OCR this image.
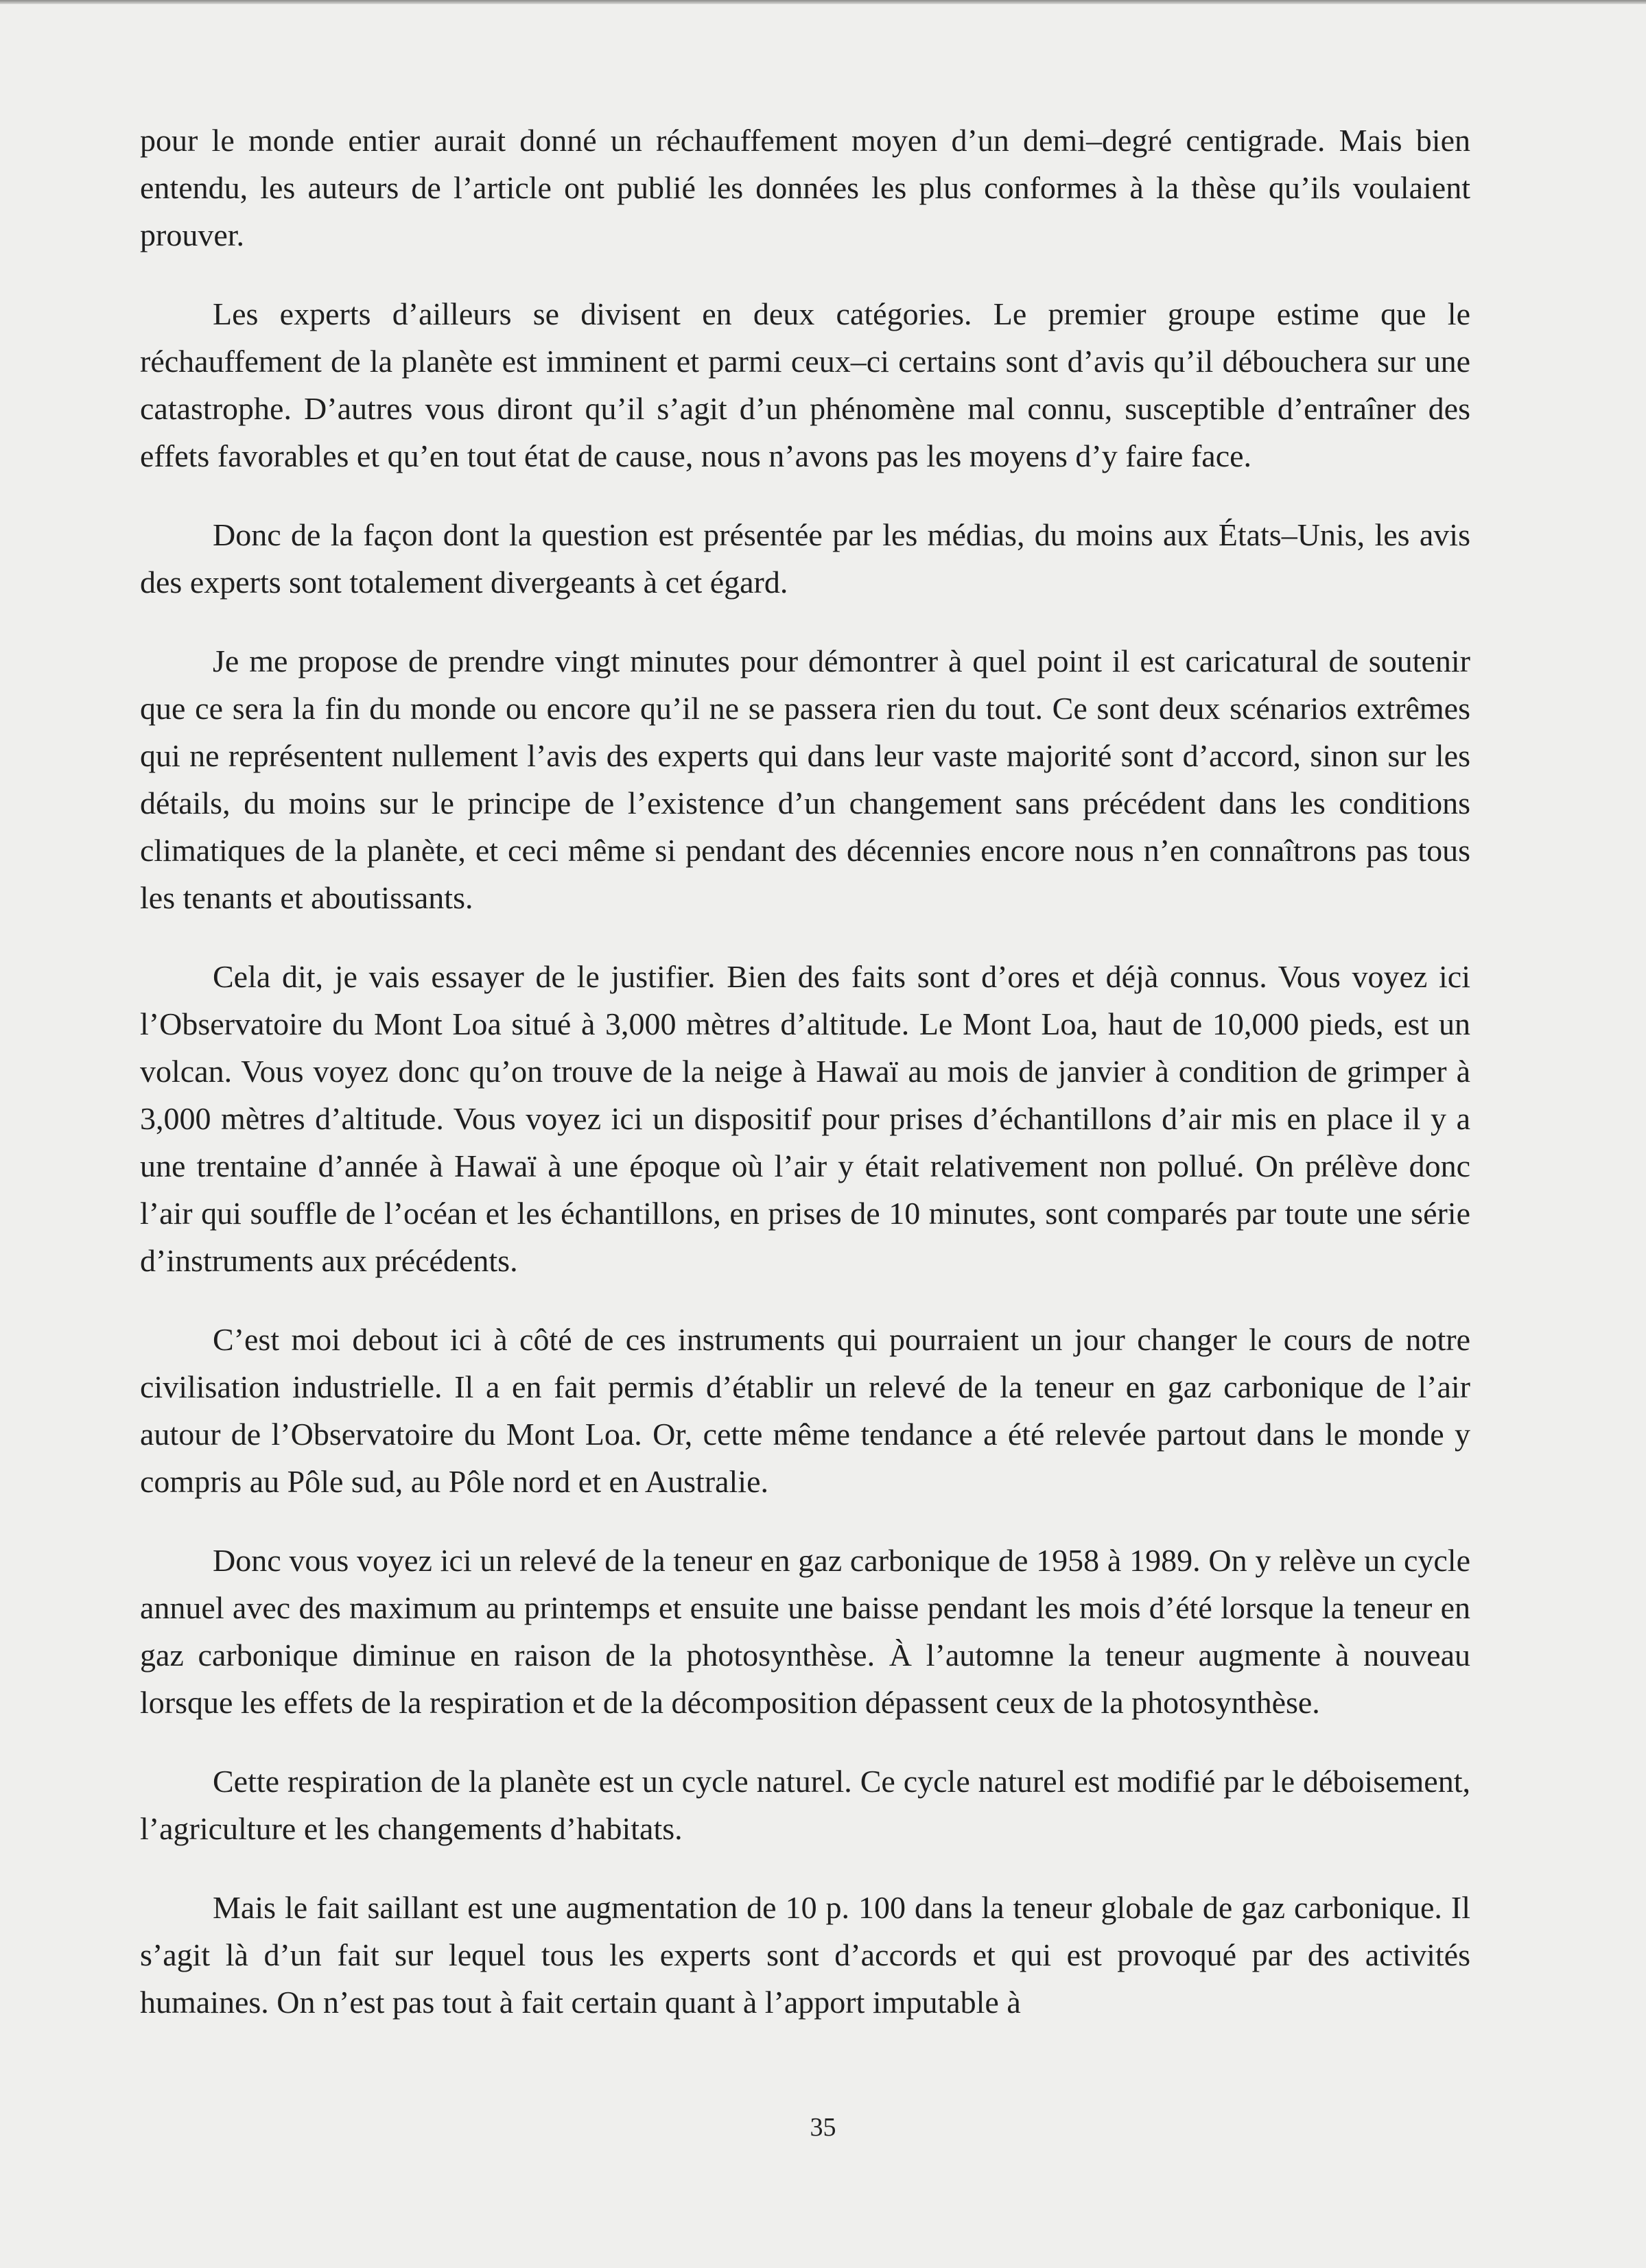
pour le monde entier aurait donné un réchauffement moyen d’un demi–degré centigrade. Mais bien entendu, les auteurs de l’article ont publié les données les plus conformes à la thèse qu’ils voulaient prouver.

Les experts d’ailleurs se divisent en deux catégories. Le premier groupe estime que le réchauffement de la planète est imminent et parmi ceux–ci certains sont d’avis qu’il débouchera sur une catastrophe. D’autres vous diront qu’il s’agit d’un phénomène mal connu, susceptible d’entraîner des effets favorables et qu’en tout état de cause, nous n’avons pas les moyens d’y faire face.

Donc de la façon dont la question est présentée par les médias, du moins aux États–Unis, les avis des experts sont totalement divergeants à cet égard.

Je me propose de prendre vingt minutes pour démontrer à quel point il est caricatural de soutenir que ce sera la fin du monde ou encore qu’il ne se passera rien du tout. Ce sont deux scénarios extrêmes qui ne représentent nullement l’avis des experts qui dans leur vaste majorité sont d’accord, sinon sur les détails, du moins sur le principe de l’existence d’un changement sans précédent dans les conditions climatiques de la planète, et ceci même si pendant des décennies encore nous n’en connaîtrons pas tous les tenants et aboutissants.

Cela dit, je vais essayer de le justifier. Bien des faits sont d’ores et déjà connus. Vous voyez ici l’Observatoire du Mont Loa situé à 3,000 mètres d’altitude. Le Mont Loa, haut de 10,000 pieds, est un volcan. Vous voyez donc qu’on trouve de la neige à Hawaï au mois de janvier à condition de grimper à 3,000 mètres d’altitude. Vous voyez ici un dispositif pour prises d’échantillons d’air mis en place il y a une trentaine d’année à Hawaï à une époque où l’air y était relativement non pollué. On prélève donc l’air qui souffle de l’océan et les échantillons, en prises de 10 minutes, sont comparés par toute une série d’instruments aux précédents.

C’est moi debout ici à côté de ces instruments qui pourraient un jour changer le cours de notre civilisation industrielle. Il a en fait permis d’établir un relevé de la teneur en gaz carbonique de l’air autour de l’Observatoire du Mont Loa. Or, cette même tendance a été relevée partout dans le monde y compris au Pôle sud, au Pôle nord et en Australie.

Donc vous voyez ici un relevé de la teneur en gaz carbonique de 1958 à 1989. On y relève un cycle annuel avec des maximum au printemps et ensuite une baisse pendant les mois d’été lorsque la teneur en gaz carbonique diminue en raison de la photosynthèse. À l’automne la teneur augmente à nouveau lorsque les effets de la respiration et de la décomposition dépassent ceux de la photosynthèse.

Cette respiration de la planète est un cycle naturel. Ce cycle naturel est modifié par le déboisement, l’agriculture et les changements d’habitats.

Mais le fait saillant est une augmentation de 10 p. 100 dans la teneur globale de gaz carbonique. Il s’agit là d’un fait sur lequel tous les experts sont d’accords et qui est provoqué par des activités humaines. On n’est pas tout à fait certain quant à l’apport imputable à

35
